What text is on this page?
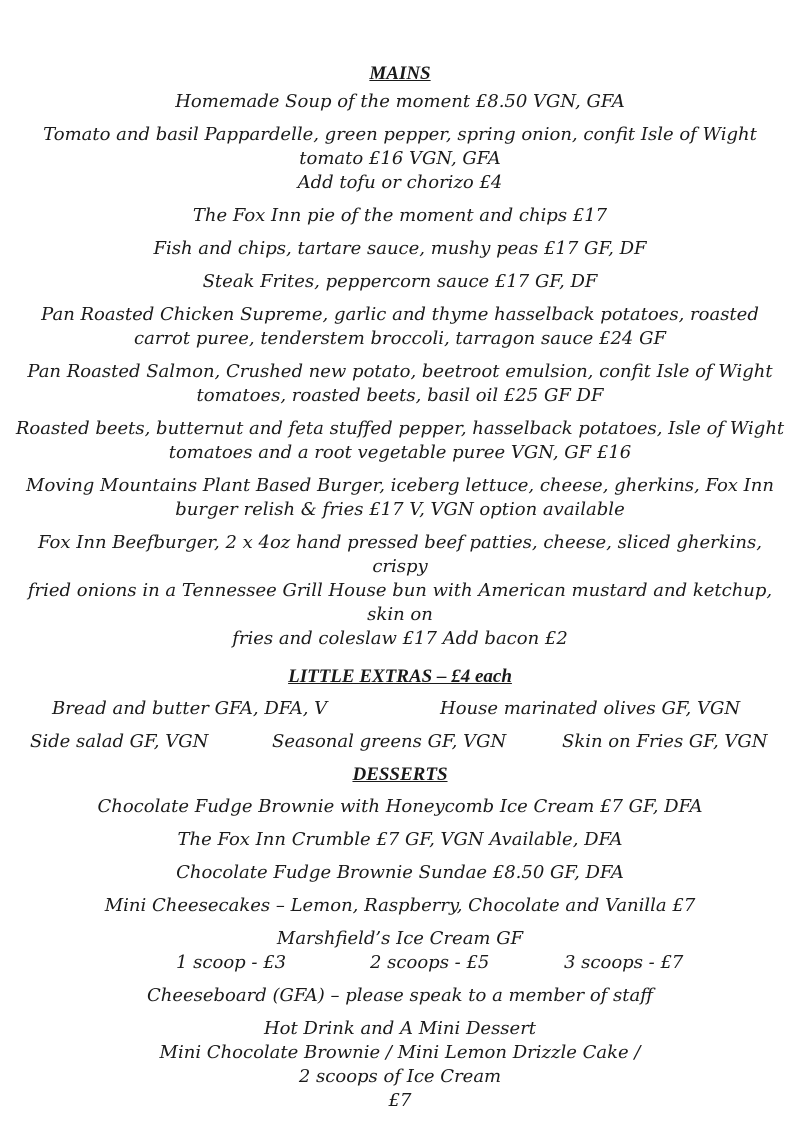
MAINS
Homemade Soup of the moment £8.50 VGN, GFA
Tomato and basil Pappardelle, green pepper, spring onion, confit Isle of Wight
tomato £16 VGN, GFA
Add tofu or chorizo £4
The Fox Inn pie of the moment and chips £17
Fish and chips, tartare sauce, mushy peas £17 GF, DF
Steak Frites, peppercorn sauce £17 GF, DF
Pan Roasted Chicken Supreme, garlic and thyme hasselback potatoes, roasted
carrot puree, tenderstem broccoli, tarragon sauce £24 GF
Pan Roasted Salmon, Crushed new potato, beetroot emulsion, confit Isle of Wight
tomatoes, roasted beets, basil oil £25 GF DF
Roasted beets, butternut and feta stuffed pepper, hasselback potatoes, Isle of Wight
tomatoes and a root vegetable puree VGN, GF £16
Moving Mountains Plant Based Burger, iceberg lettuce, cheese, gherkins, Fox Inn
burger relish & fries £17 V, VGN option available
Fox Inn Beefburger, 2 x 4oz hand pressed beef patties, cheese, sliced gherkins, crispy
fried onions in a Tennessee Grill House bun with American mustard and ketchup, skin on
fries and coleslaw £17 Add bacon £2
LITTLE EXTRAS – £4 each
Bread and butter GFA, DFA, V	House marinated olives GF, VGN
Side salad GF, VGN	Seasonal greens GF, VGN	Skin on Fries GF, VGN
DESSERTS
Chocolate Fudge Brownie with Honeycomb Ice Cream £7 GF, DFA
The Fox Inn Crumble £7 GF, VGN Available, DFA
Chocolate Fudge Brownie Sundae £8.50 GF, DFA
Mini Cheesecakes – Lemon, Raspberry, Chocolate and Vanilla £7
Marshfield’s Ice Cream GF
1 scoop - £3	2 scoops - £5	3 scoops - £7
Cheeseboard (GFA) – please speak to a member of staff
Hot Drink and A Mini Dessert
Mini Chocolate Brownie / Mini Lemon Drizzle Cake /
2 scoops of Ice Cream
£7
